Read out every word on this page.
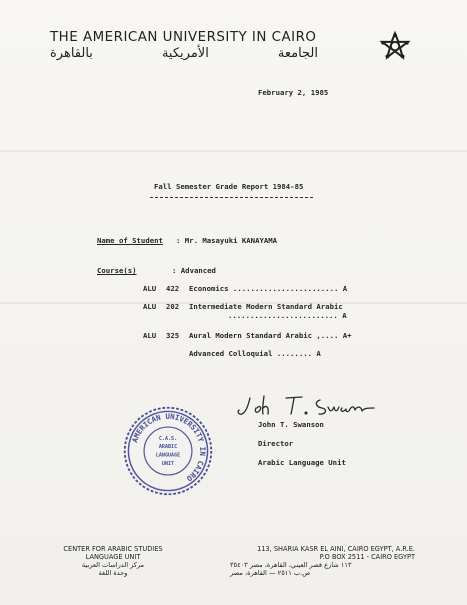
THE AMERICAN UNIVERSITY IN CAIRO
الجامعة الأمريكية بالقاهرة
February 2, 1985
Fall Semester Grade Report 1984-85
Name of Student : Mr. Masayuki KANAYAMA
Course(s)	: Advanced
ALU 422 Economics ........................ A
ALU 202 Intermediate Modern Standard Arabic
......................... A
ALU 325 Aural Modern Standard Arabic ,.... A+
Advanced Colloquial ........ A
John T. Swanson
Director
Arabic Language Unit
AMERICAN UNIVERSITY IN CAIRO
C.A.S.
ARABIC
LANGUAGE
UNIT
CENTER FOR ARABIC STUDIES
LANGUAGE UNIT
مركز الدراسات العربية
وحدة اللغة
113, SHARIA KASR EL AINI, CAIRO EGYPT, A.R.E.
P.O BOX 2511 - CAIRO EGYPT
١١٣ شارع قصر العيني، القاهرة، مصر ٣٥٤٠٣
ص.ب ٢٥١١ — القاهرة، مصر
